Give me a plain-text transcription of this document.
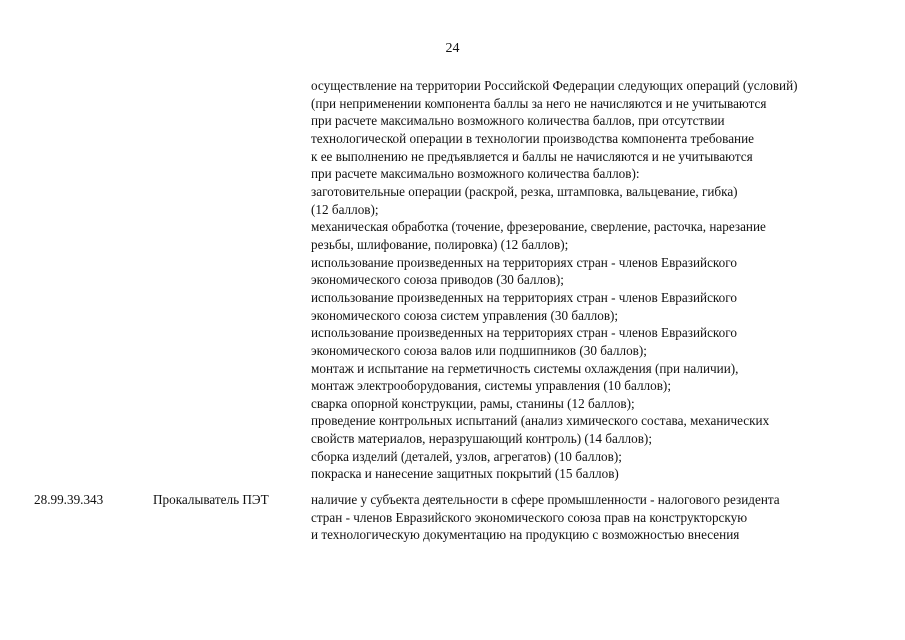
24
осуществление на территории Российской Федерации следующих операций (условий)
(при неприменении компонента баллы за него не начисляются и не учитываются
при расчете максимально возможного количества баллов, при отсутствии
технологической операции в технологии производства компонента требование
к ее выполнению не предъявляется и баллы не начисляются и не учитываются
при расчете максимально возможного количества баллов):
заготовительные операции (раскрой, резка, штамповка, вальцевание, гибка)
(12 баллов);
механическая обработка (точение, фрезерование, сверление, расточка, нарезание
резьбы, шлифование, полировка) (12 баллов);
использование произведенных на территориях стран - членов Евразийского
экономического союза приводов (30 баллов);
использование произведенных на территориях стран - членов Евразийского
экономического союза систем управления (30 баллов);
использование произведенных на территориях стран - членов Евразийского
экономического союза валов или подшипников (30 баллов);
монтаж и испытание на герметичность системы охлаждения (при наличии),
монтаж электрооборудования, системы управления (10 баллов);
сварка опорной конструкции, рамы, станины (12 баллов);
проведение контрольных испытаний (анализ химического состава, механических
свойств материалов, неразрушающий контроль) (14 баллов);
сборка изделий (деталей, узлов, агрегатов) (10 баллов);
покраска и нанесение защитных покрытий (15 баллов)
28.99.39.343	Прокалыватель ПЭТ	наличие у субъекта деятельности в сфере промышленности - налогового резидента
стран - членов Евразийского экономического союза прав на конструкторскую
и технологическую документацию на продукцию с возможностью внесения
